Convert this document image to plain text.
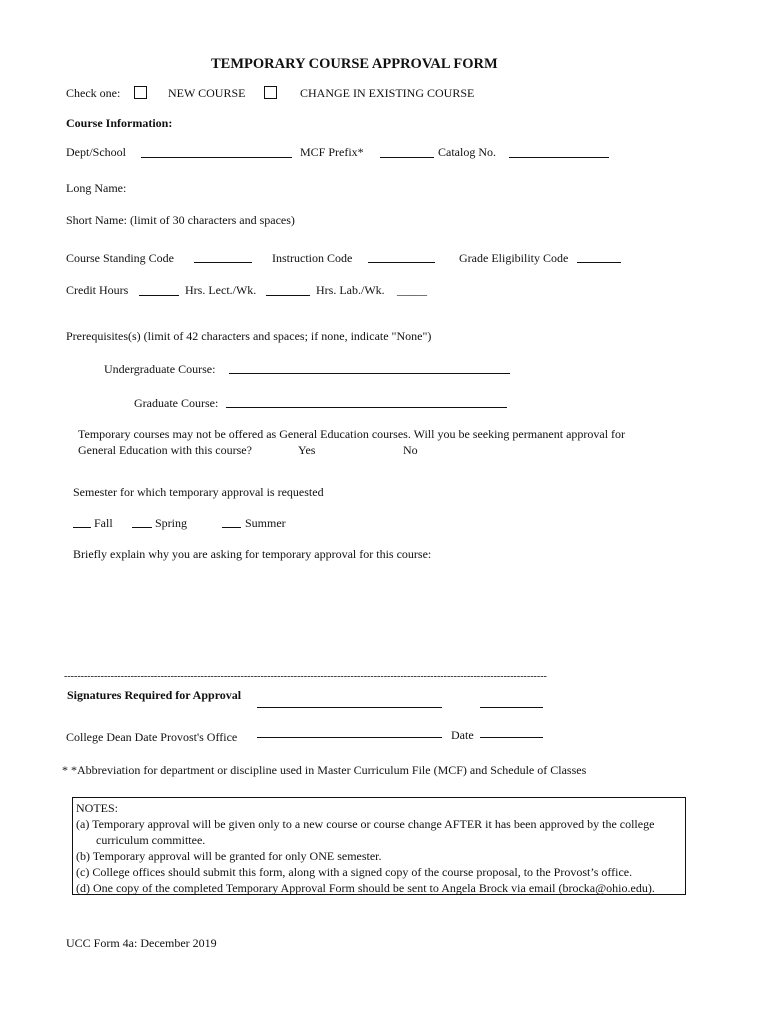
TEMPORARY COURSE APPROVAL FORM
Check one:	NEW COURSE	CHANGE IN EXISTING COURSE
Course Information:
Dept/School	MCF Prefix*	Catalog No.
Long Name:
Short Name: (limit of 30 characters and spaces)
Course Standing Code	Instruction Code	Grade Eligibility Code
Credit Hours	Hrs. Lect./Wk.	Hrs. Lab./Wk. _____
Prerequisites(s) (limit of 42 characters and spaces; if none, indicate "None")
Undergraduate Course:
Graduate Course:
Temporary courses may not be offered as General Education courses. Will you be seeking permanent approval for
General Education with this course?	Yes	No
Semester for which temporary approval is requested
Fall	Spring	Summer
Briefly explain why you are asking for temporary approval for this course:
-------------------------------------------------------------------------------------------------------------------------------------------------
Signatures Required for Approval
College Dean Date Provost's Office	Date
* *Abbreviation for department or discipline used in Master Curriculum File (MCF) and Schedule of Classes
NOTES:
(a) Temporary approval will be given only to a new course or course change AFTER it has been approved by the college
curriculum committee.
(b) Temporary approval will be granted for only ONE semester.
(c) College offices should submit this form, along with a signed copy of the course proposal, to the Provost’s office.
(d) One copy of the completed Temporary Approval Form should be sent to Angela Brock via email (brocka@ohio.edu).
UCC Form 4a: December 2019
